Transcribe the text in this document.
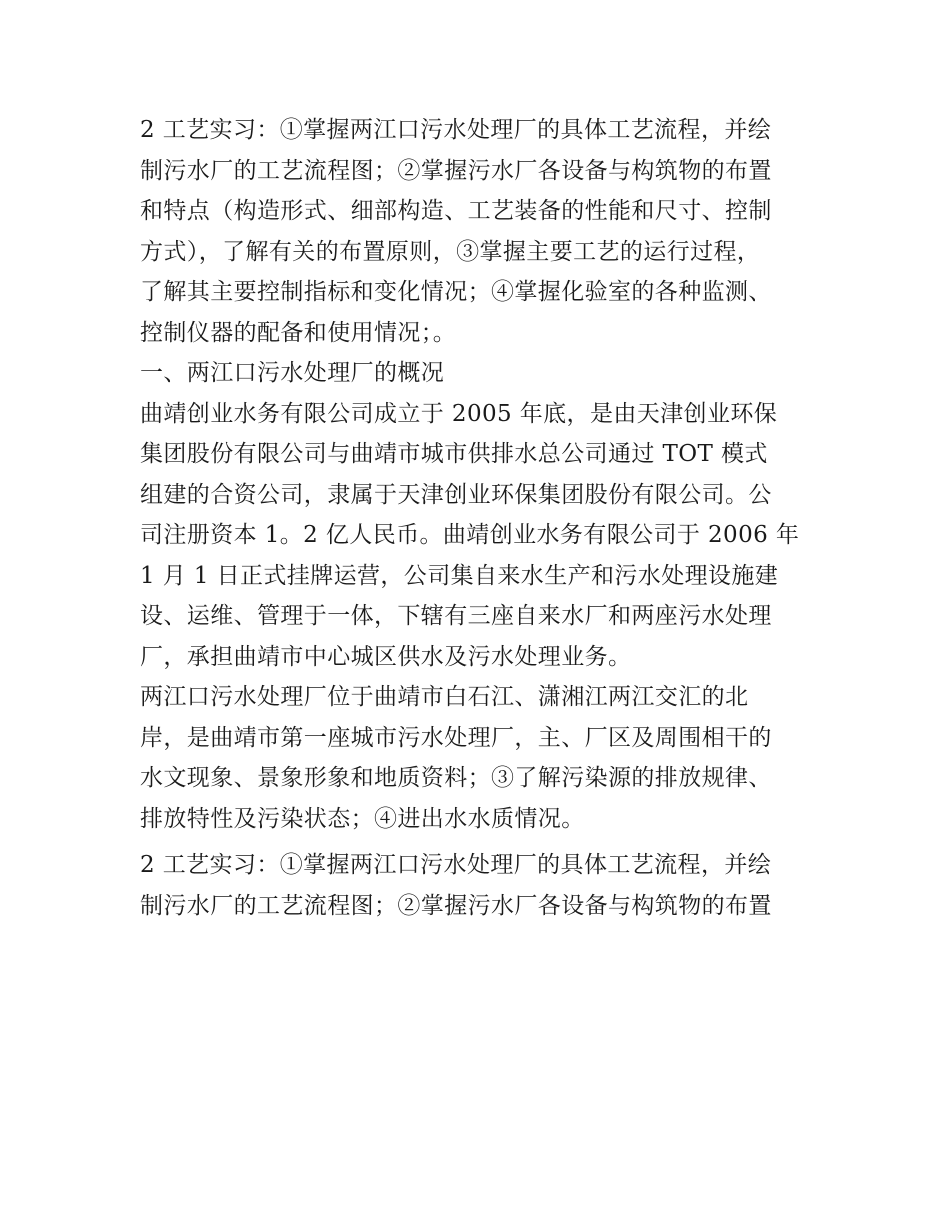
2 工艺实习：①掌握两江口污水处理厂的具体工艺流程，并绘
制污水厂的工艺流程图；②掌握污水厂各设备与构筑物的布置
和特点（构造形式、细部构造、工艺装备的性能和尺寸、控制
方式），了解有关的布置原则，③掌握主要工艺的运行过程，
了解其主要控制指标和变化情况；④掌握化验室的各种监测、
控制仪器的配备和使用情况；。
一、两江口污水处理厂的概况
曲靖创业水务有限公司成立于 2005 年底，是由天津创业环保
集团股份有限公司与曲靖市城市供排水总公司通过 TOT 模式
组建的合资公司，隶属于天津创业环保集团股份有限公司。公
司注册资本 1。2 亿人民币。曲靖创业水务有限公司于 2006 年
1 月 1 日正式挂牌运营，公司集自来水生产和污水处理设施建
设、运维、管理于一体，下辖有三座自来水厂和两座污水处理
厂，承担曲靖市中心城区供水及污水处理业务。
两江口污水处理厂位于曲靖市白石江、潇湘江两江交汇的北
岸，是曲靖市第一座城市污水处理厂，主、厂区及周围相干的
水文现象、景象形象和地质资料；③了解污染源的排放规律、
排放特性及污染状态；④进出水水质情况。
2 工艺实习：①掌握两江口污水处理厂的具体工艺流程，并绘
制污水厂的工艺流程图；②掌握污水厂各设备与构筑物的布置
